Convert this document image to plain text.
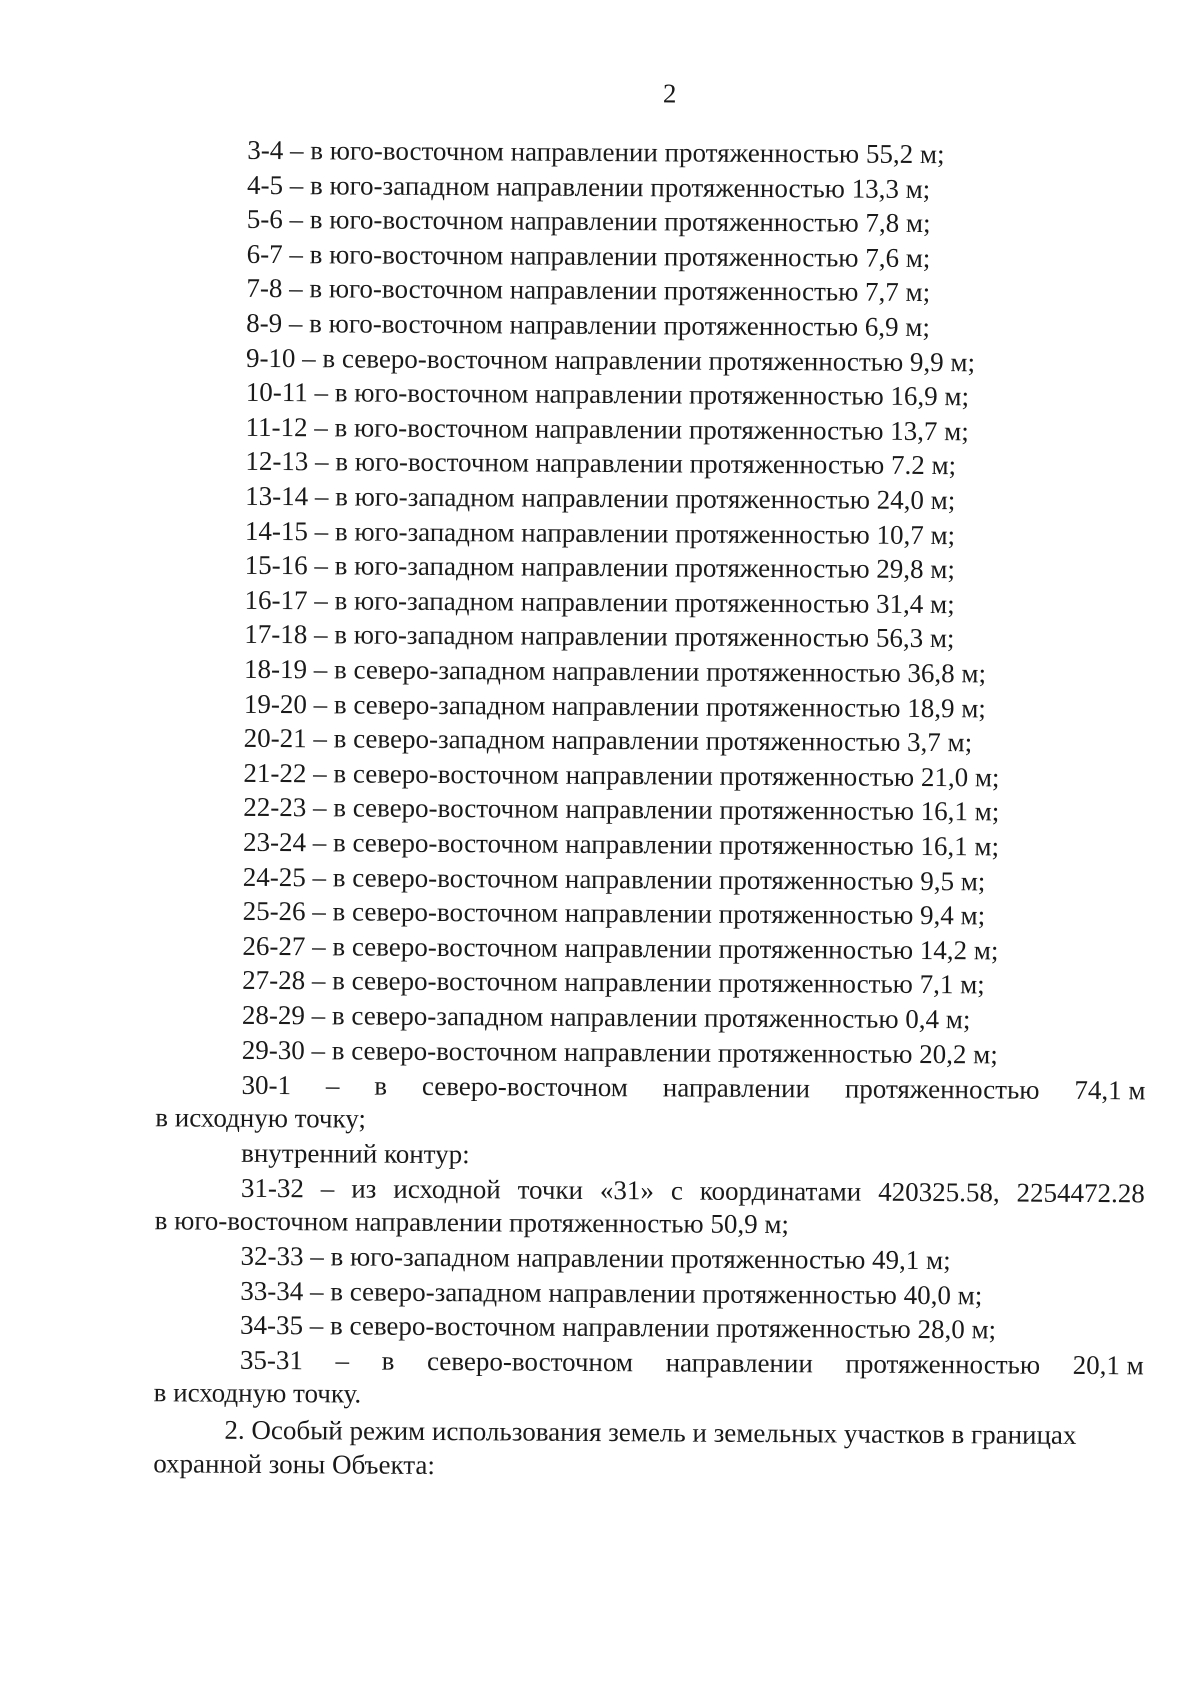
2
3-4 – в юго-восточном направлении протяженностью 55,2 м;
4-5 – в юго-западном направлении протяженностью 13,3 м;
5-6 – в юго-восточном направлении протяженностью 7,8 м;
6-7 – в юго-восточном направлении протяженностью 7,6 м;
7-8 – в юго-восточном направлении протяженностью 7,7 м;
8-9 – в юго-восточном направлении протяженностью 6,9 м;
9-10 – в северо-восточном направлении протяженностью 9,9 м;
10-11 – в юго-восточном направлении протяженностью 16,9 м;
11-12 – в юго-восточном направлении протяженностью 13,7 м;
12-13 – в юго-восточном направлении протяженностью 7.2 м;
13-14 – в юго-западном направлении протяженностью 24,0 м;
14-15 – в юго-западном направлении протяженностью 10,7 м;
15-16 – в юго-западном направлении протяженностью 29,8 м;
16-17 – в юго-западном направлении протяженностью 31,4 м;
17-18 – в юго-западном направлении протяженностью 56,3 м;
18-19 – в северо-западном направлении протяженностью 36,8 м;
19-20 – в северо-западном направлении протяженностью 18,9 м;
20-21 – в северо-западном направлении протяженностью 3,7 м;
21-22 – в северо-восточном направлении протяженностью 21,0 м;
22-23 – в северо-восточном направлении протяженностью 16,1 м;
23-24 – в северо-восточном направлении протяженностью 16,1 м;
24-25 – в северо-восточном направлении протяженностью 9,5 м;
25-26 – в северо-восточном направлении протяженностью 9,4 м;
26-27 – в северо-восточном направлении протяженностью 14,2 м;
27-28 – в северо-восточном направлении протяженностью 7,1 м;
28-29 – в северо-западном направлении протяженностью 0,4 м;
29-30 – в северо-восточном направлении протяженностью 20,2 м;
30-1 – в северо-восточном направлении протяженностью 74,1 м
в исходную точку;
внутренний контур:
31-32 – из исходной точки «31» с координатами 420325.58, 2254472.28
в юго-восточном направлении протяженностью 50,9 м;
32-33 – в юго-западном направлении протяженностью 49,1 м;
33-34 – в северо-западном направлении протяженностью 40,0 м;
34-35 – в северо-восточном направлении протяженностью 28,0 м;
35-31 – в северо-восточном направлении протяженностью 20,1 м
в исходную точку.
2. Особый режим использования земель и земельных участков в границах
охранной зоны Объекта:
